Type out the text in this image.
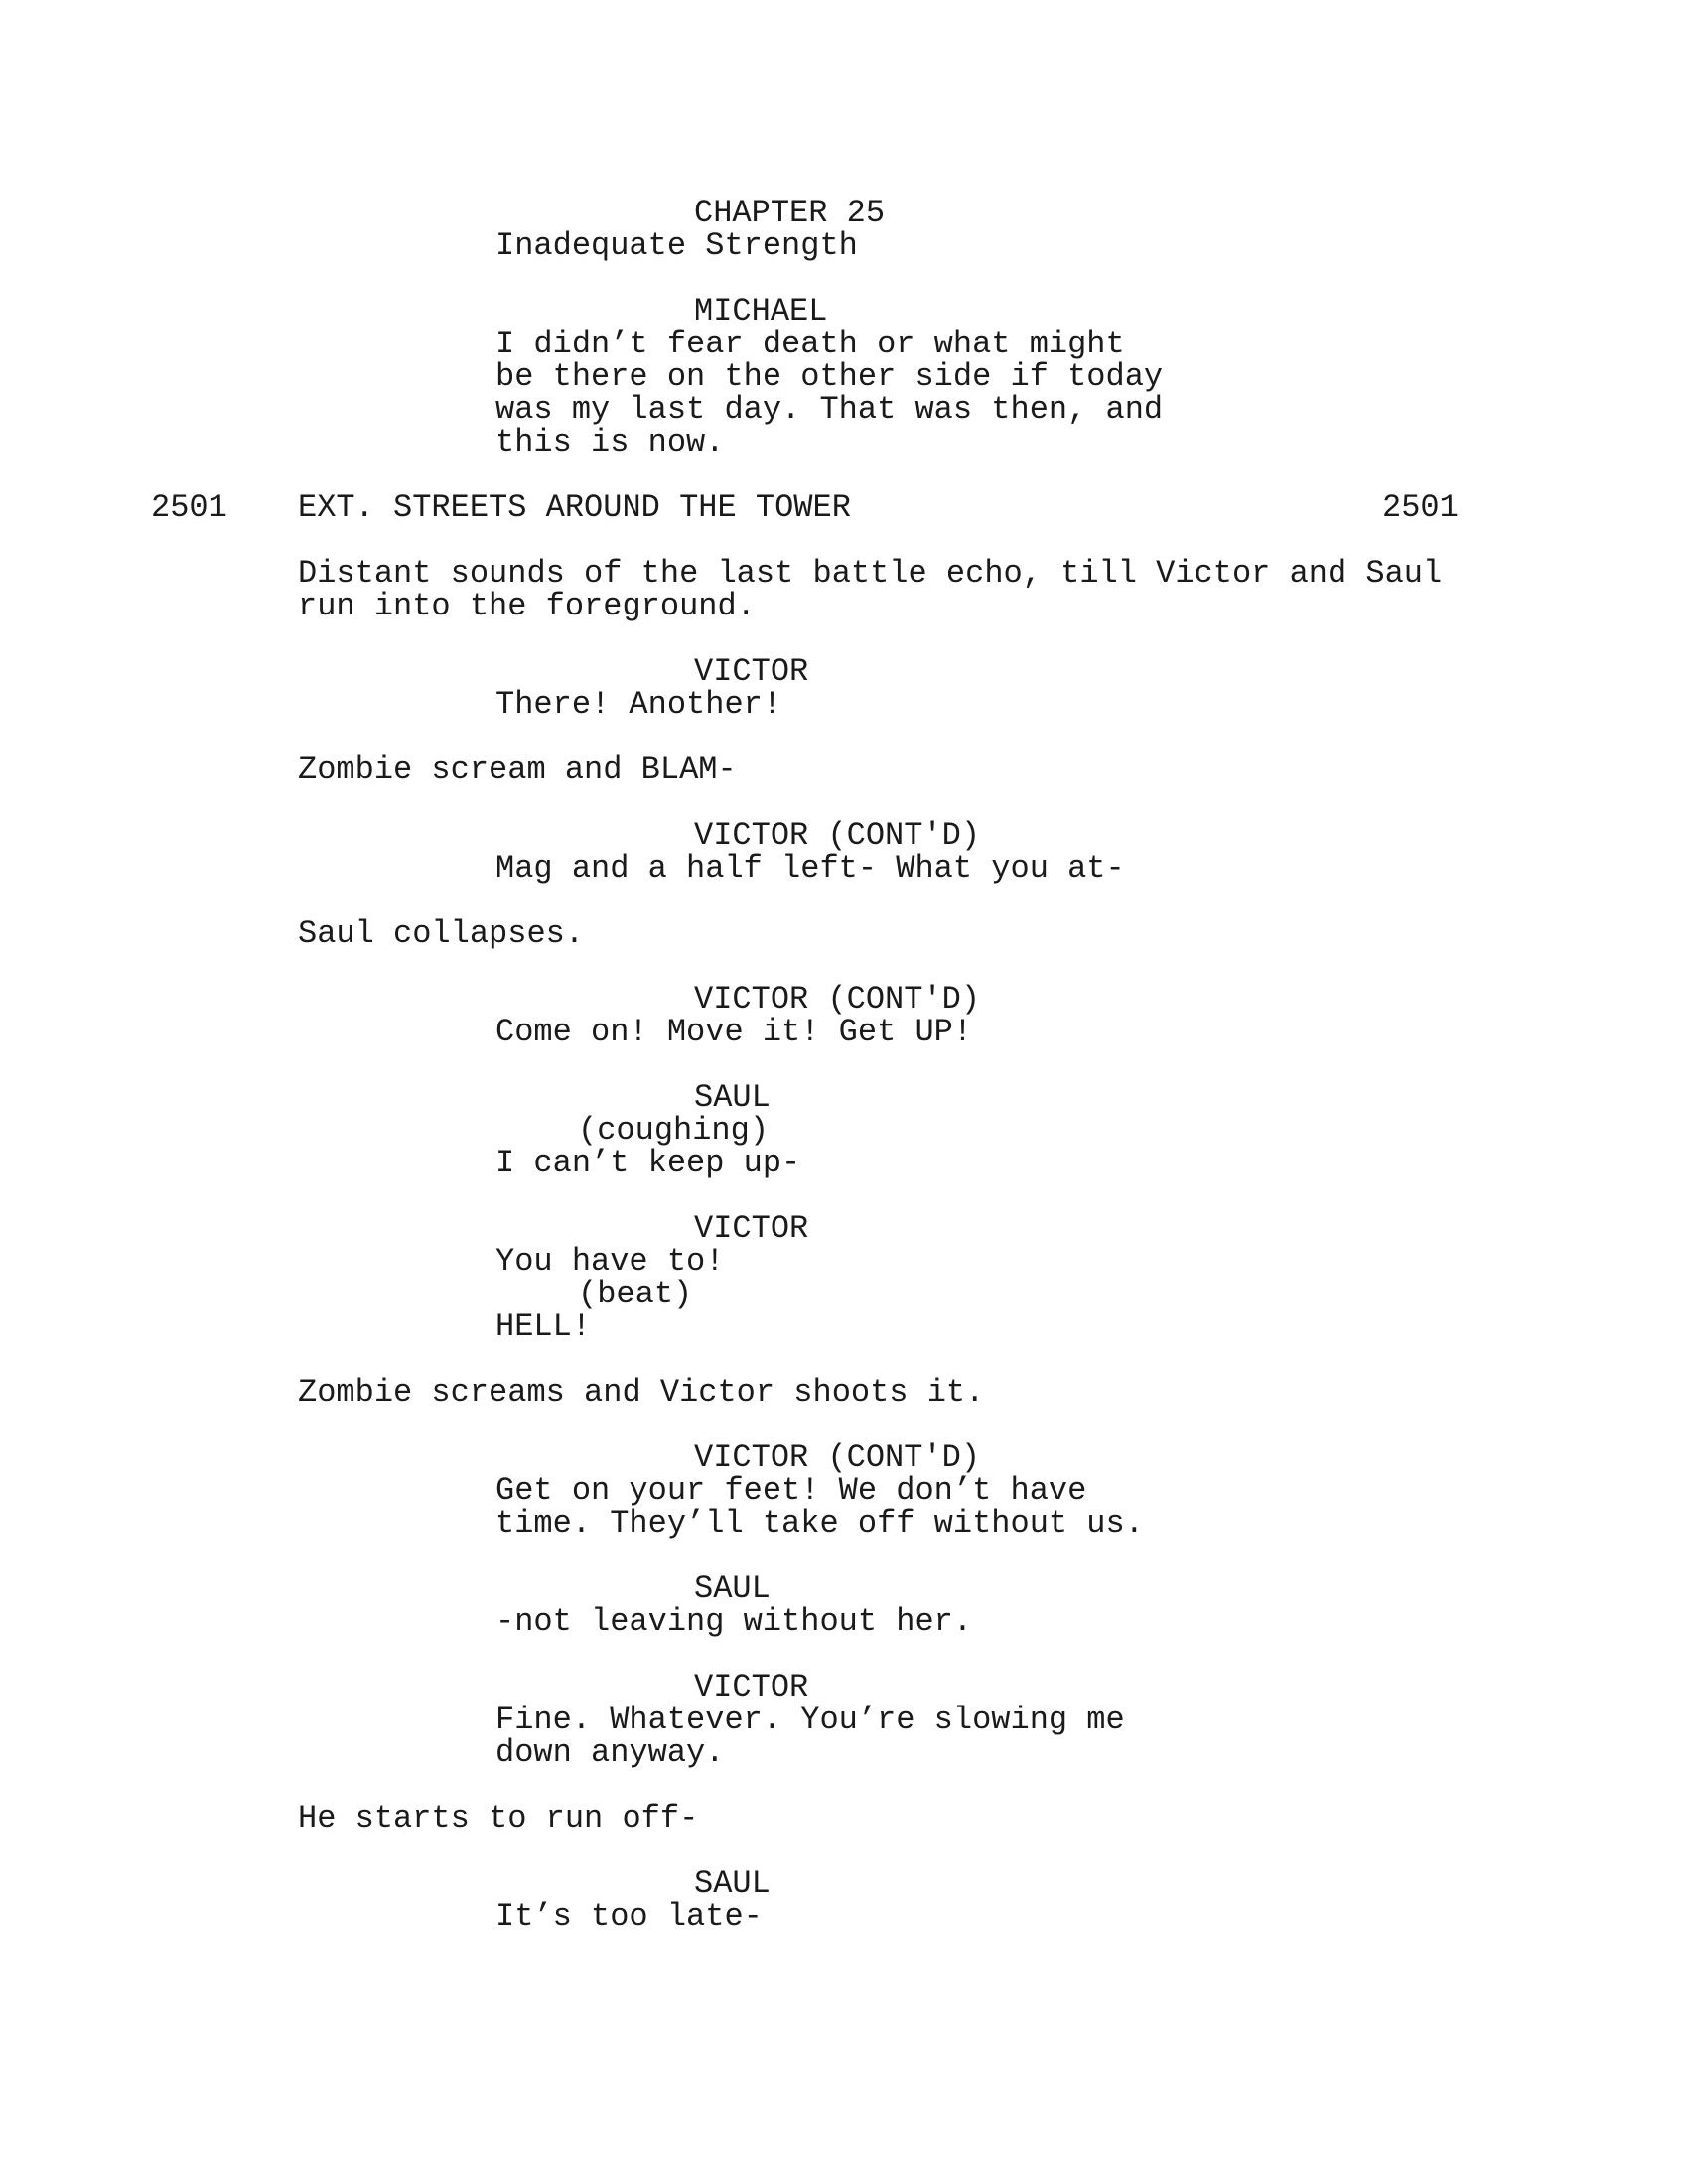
CHAPTER 25

Inadequate Strength

MICHAEL

I didn’t fear death or what might

be there on the other side if today

was my last day. That was then, and

this is now.

2501 EXT. STREETS AROUND THE TOWER	2501

Distant sounds of the last battle echo, till Victor and Saul

run into the foreground.

VICTOR

There! Another!

Zombie scream and BLAM-

VICTOR (CONT'D)

Mag and a half left- What you at-

Saul collapses.

VICTOR (CONT'D)

Come on! Move it! Get UP!

SAUL

(coughing)

I can’t keep up-

VICTOR

You have to!

(beat)

HELL!

Zombie screams and Victor shoots it.

VICTOR (CONT'D)

Get on your feet! We don’t have

time. They’ll take off without us.

SAUL

-not leaving without her.

VICTOR

Fine. Whatever. You’re slowing me

down anyway.

He starts to run off-

SAUL

It’s too late-
